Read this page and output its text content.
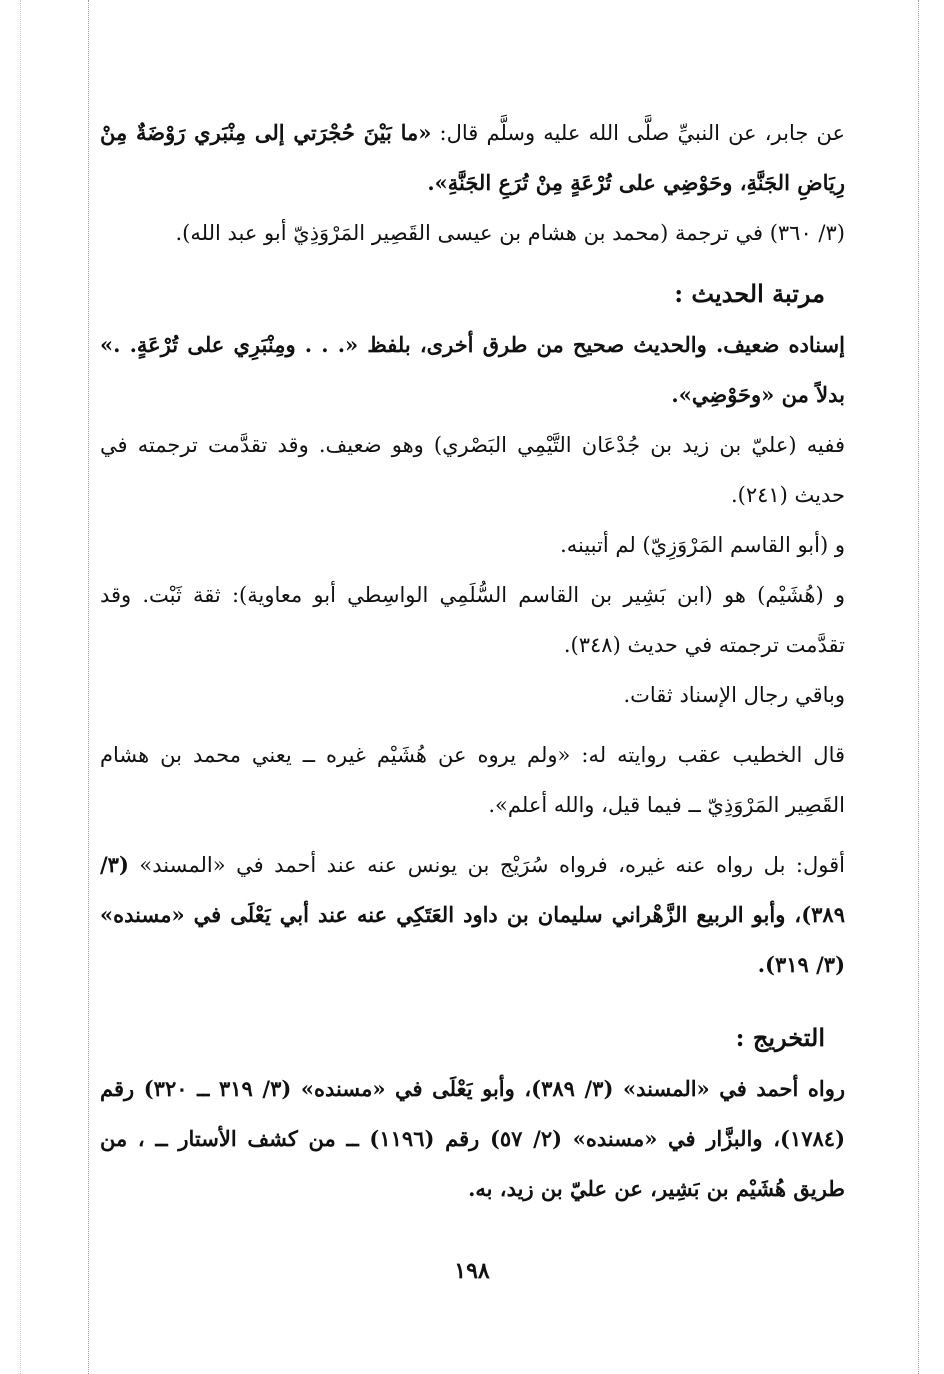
عن جابر، عن النبيِّ صلَّى الله عليه وسلَّم قال: «ما بَيْنَ حُجْرَتي إلى مِنْبَري رَوْضَةٌ مِنْ رِيَاضِ الجَنَّةِ، وحَوْضِي على تُرْعَةٍ مِنْ تُرَعِ الجَنَّةِ».

(٣/ ٣٦٠) في ترجمة (محمد بن هشام بن عيسى القَصِير المَرْوَذِيّ أبو عبد الله).

مرتبة الحديث :

إسناده ضعيف. والحديث صحيح من طرق أخرى، بلفظ «. . . ومِنْبَرِي على تُرْعَةٍ. .» بدلاً من «وحَوْضِي».

ففيه (عليّ بن زيد بن جُدْعَان التَّيْمِي البَصْري) وهو ضعيف. وقد تقدَّمت ترجمته في حديث (٢٤١).

و (أبو القاسم المَرْوَزِيّ) لم أتبينه.

و (هُشَيْم) هو (ابن بَشِير بن القاسم السُّلَمِي الواسِطي أبو معاوية): ثقة ثَبْت. وقد تقدَّمت ترجمته في حديث (٣٤٨).

وباقي رجال الإسناد ثقات.

قال الخطيب عقب روايته له: «ولم يروه عن هُشَيْم غيره ــ يعني محمد بن هشام القَصِير المَرْوَذِيّ ــ فيما قيل، والله أعلم».

أقول: بل رواه عنه غيره، فرواه سُرَيْج بن يونس عنه عند أحمد في «المسند» (٣/ ٣٨٩)، وأبو الربيع الزَّهْراني سليمان بن داود العَتَكِي عنه عند أبي يَعْلَى في «مسنده» (٣/ ٣١٩).

التخريج :

رواه أحمد في «المسند» (٣/ ٣٨٩)، وأبو يَعْلَى في «مسنده» (٣/ ٣١٩ ــ ٣٢٠) رقم (١٧٨٤)، والبزَّار في «مسنده» (٢/ ٥٧) رقم (١١٩٦) ــ من كشف الأستار ــ ، من طريق هُشَيْم بن بَشِير، عن عليّ بن زيد، به.

١٩٨
